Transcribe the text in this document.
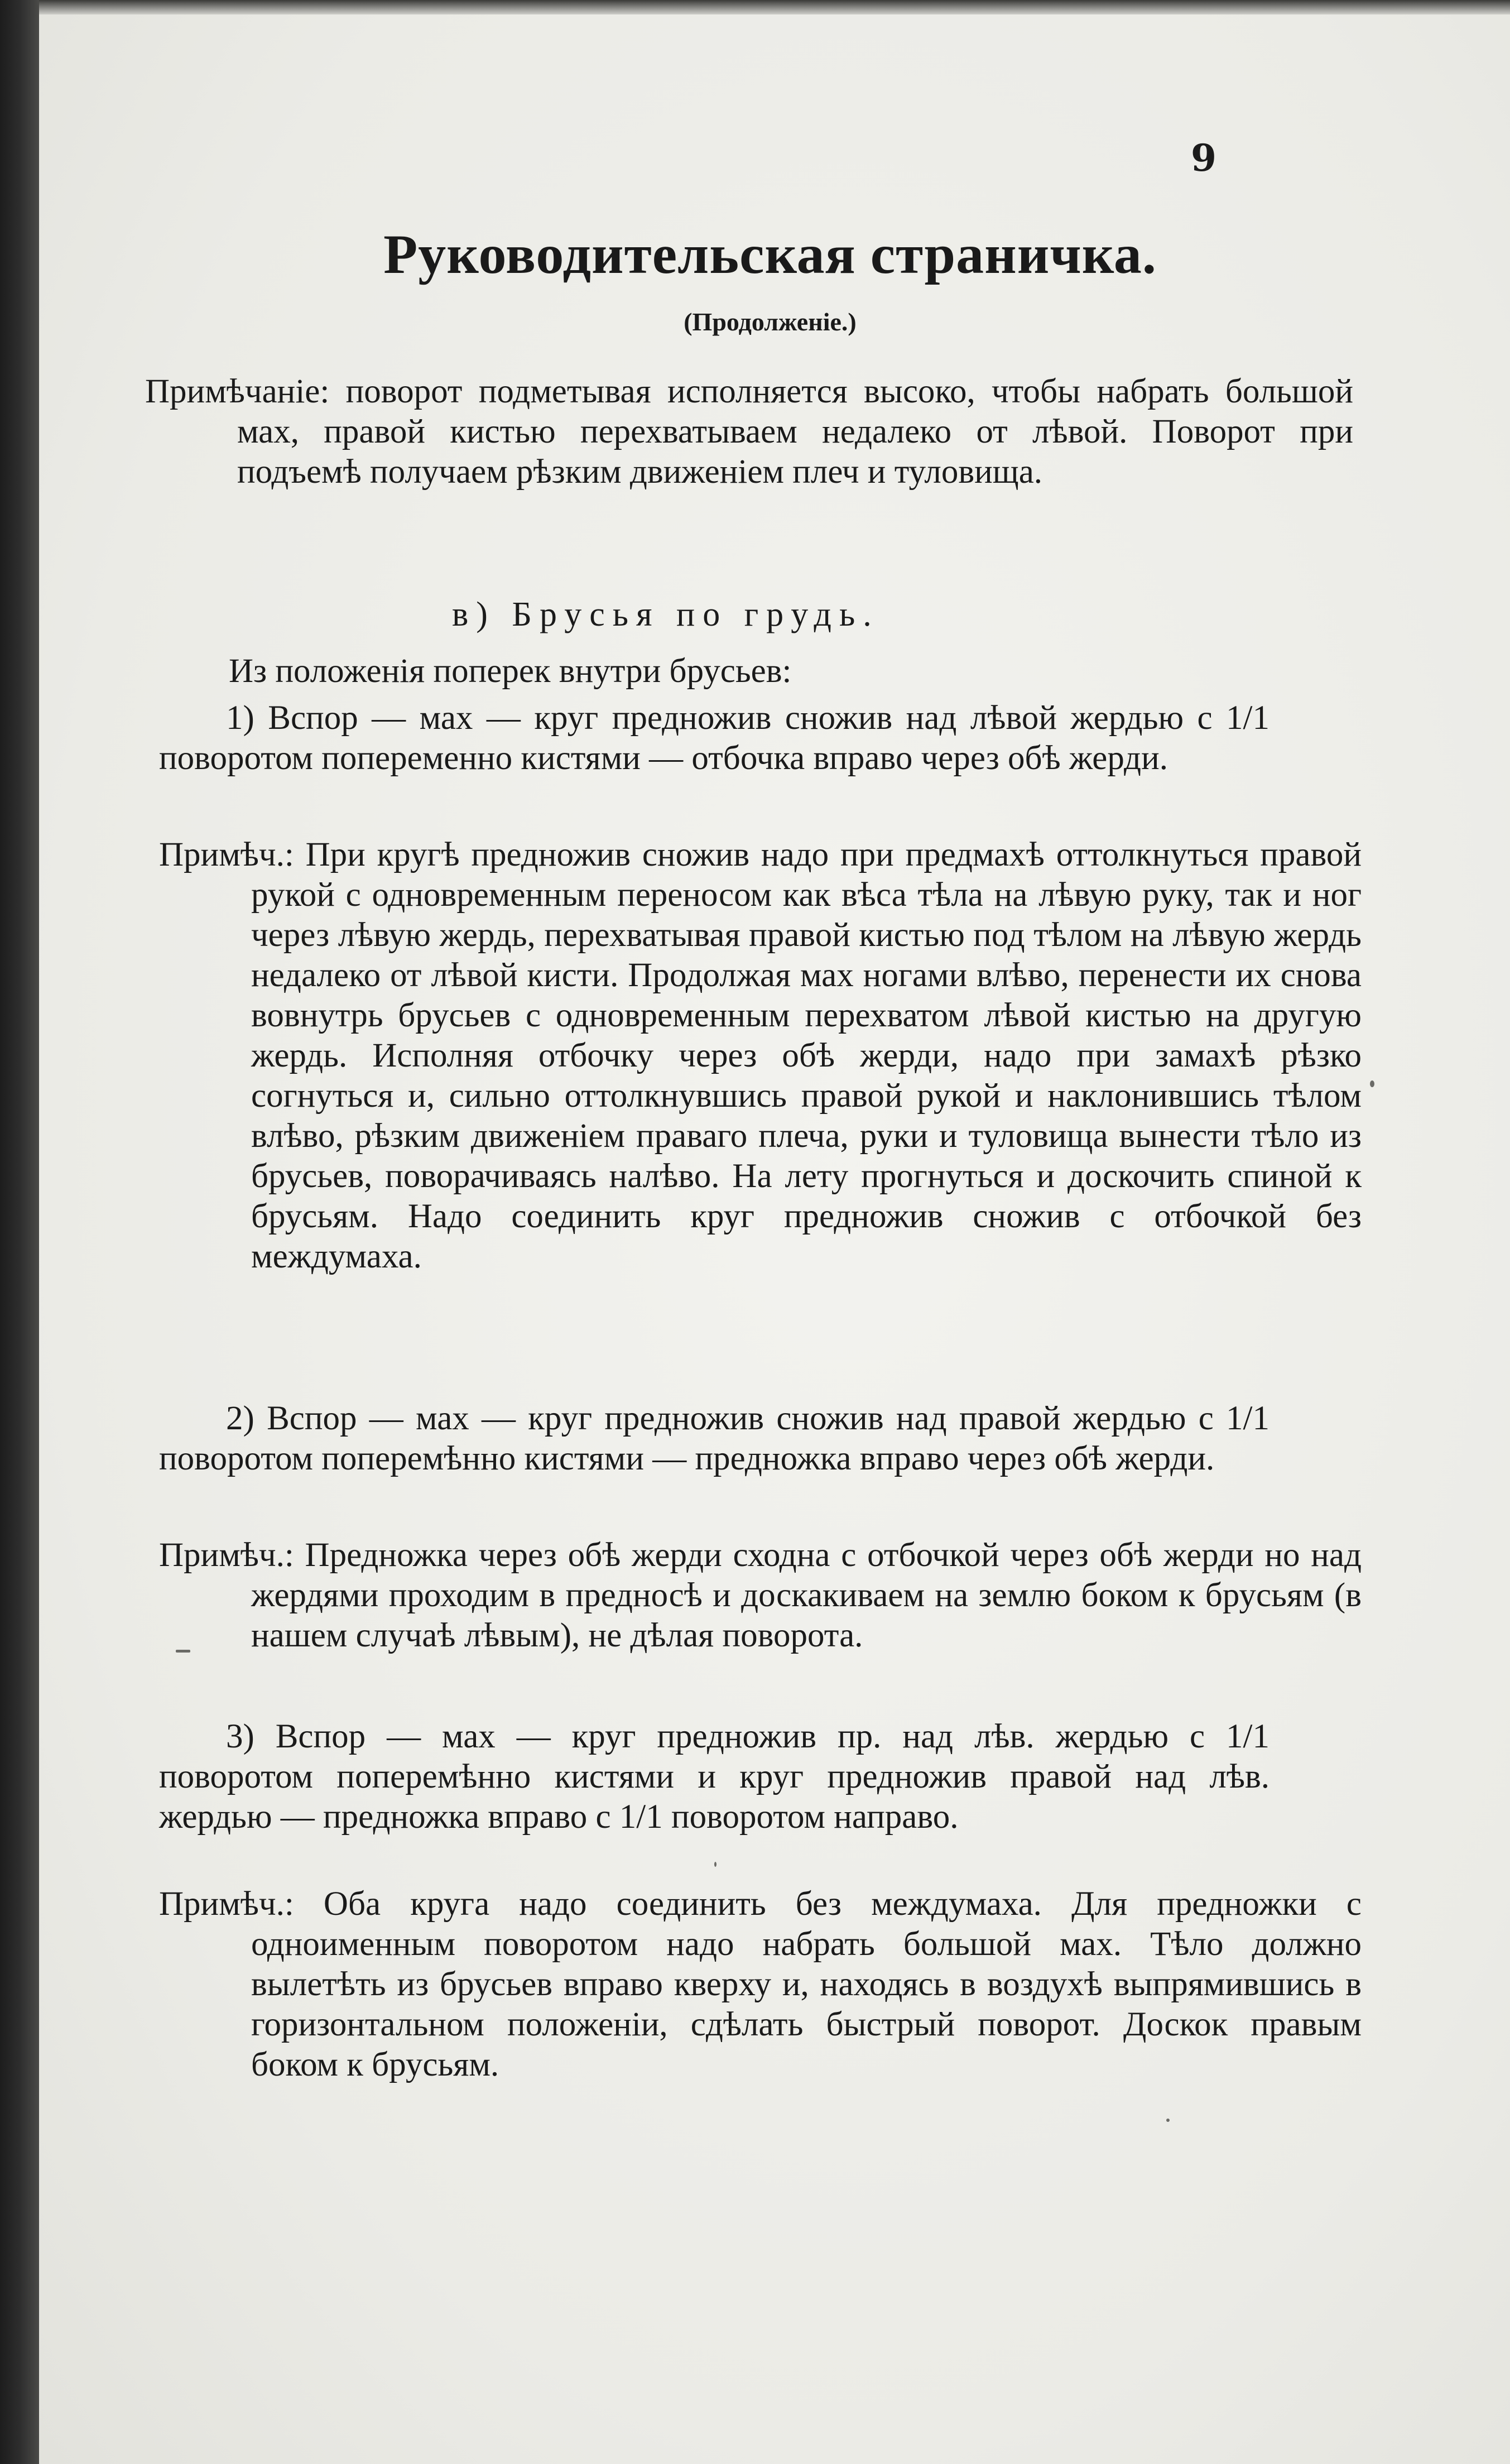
9
Руководительская страничка.
(Продолженіе.)
Примѣчаніе: поворот подметывая исполняется высоко, чтобы набрать большой мах, правой кистью перехватываем недалеко от лѣвой. Поворот при подъемѣ получаем рѣзким движеніем плеч и туловища.
в) Брусья по грудь.
Из положенія поперек внутри брусьев:
1) Вспор — мах — круг предножив сножив над лѣвой жердью с 1/1 поворотом попеременно кистями — отбочка вправо через обѣ жерди.
Примѣч.: При кругѣ предножив сножив надо при предмахѣ оттолкнуться правой рукой с одновременным переносом как вѣса тѣла на лѣвую руку, так и ног через лѣвую жердь, перехватывая правой кистью под тѣлом на лѣвую жердь недалеко от лѣвой кисти. Продолжая мах ногами влѣво, перенести их снова вовнутрь брусьев с одновременным перехватом лѣвой кистью на другую жердь. Исполняя отбочку через обѣ жерди, надо при замахѣ рѣзко согнуться и, сильно оттолкнувшись правой рукой и наклонившись тѣлом влѣво, рѣзким движеніем праваго плеча, руки и туловища вынести тѣло из брусьев, поворачиваясь налѣво. На лету прогнуться и доскочить спиной к брусьям. Надо соединить круг предножив сножив с отбочкой без междумаха.
2) Вспор — мах — круг предножив сножив над правой жердью с 1/1 поворотом поперемѣнно кистями — предножка вправо через обѣ жерди.
Примѣч.: Предножка через обѣ жерди сходна с отбочкой через обѣ жерди но над жердями проходим в предносѣ и доскакиваем на землю боком к брусьям (в нашем случаѣ лѣвым), не дѣлая поворота.
3) Вспор — мах — круг предножив пр. над лѣв. жердью с 1/1 поворотом поперемѣнно кистями и круг предножив правой над лѣв. жердью — предножка вправо с 1/1 поворотом направо.
Примѣч.: Оба круга надо соединить без междумаха. Для предножки с одноименным поворотом надо набрать большой мах. Тѣло должно вылетѣть из брусьев вправо кверху и, находясь в воздухѣ выпрямившись в горизонтальном положеніи, сдѣлать быстрый поворот. Доскок правым боком к брусьям.
